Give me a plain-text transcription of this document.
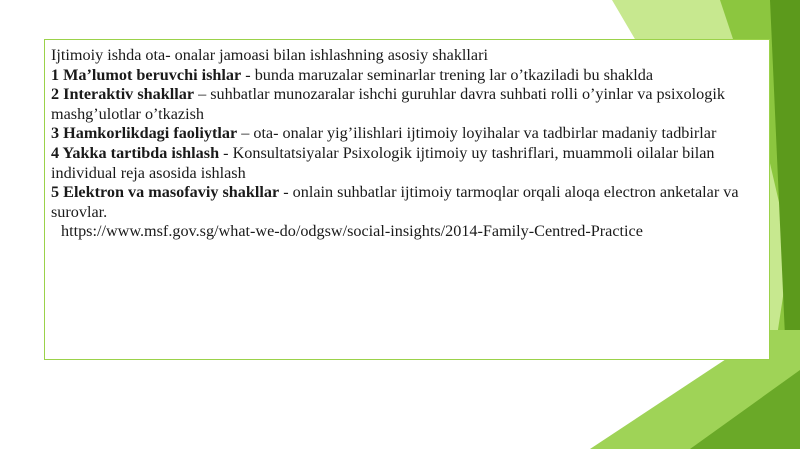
Ijtimoiy ishda ota- onalar jamoasi bilan ishlashning asosiy shakllari
1 Ma’lumot beruvchi ishlar - bunda maruzalar seminarlar trening lar o’tkaziladi bu shaklda
2 Interaktiv shakllar – suhbatlar munozaralar ishchi guruhlar davra suhbati rolli o’yinlar va psixologik mashg’ulotlar o’tkazish
3 Hamkorlikdagi faoliytlar – ota- onalar yig’ilishlari ijtimoiy loyihalar va tadbirlar madaniy tadbirlar
4 Yakka tartibda ishlash - Konsultatsiyalar Psixologik ijtimoiy uy tashriflari, muammoli oilalar bilan individual reja asosida ishlash
5 Elektron va masofaviy shakllar - onlain suhbatlar ijtimoiy tarmoqlar orqali aloqa electron anketalar va surovlar.
https://www.msf.gov.sg/what-we-do/odgsw/social-insights/2014-Family-Centred-Practice
